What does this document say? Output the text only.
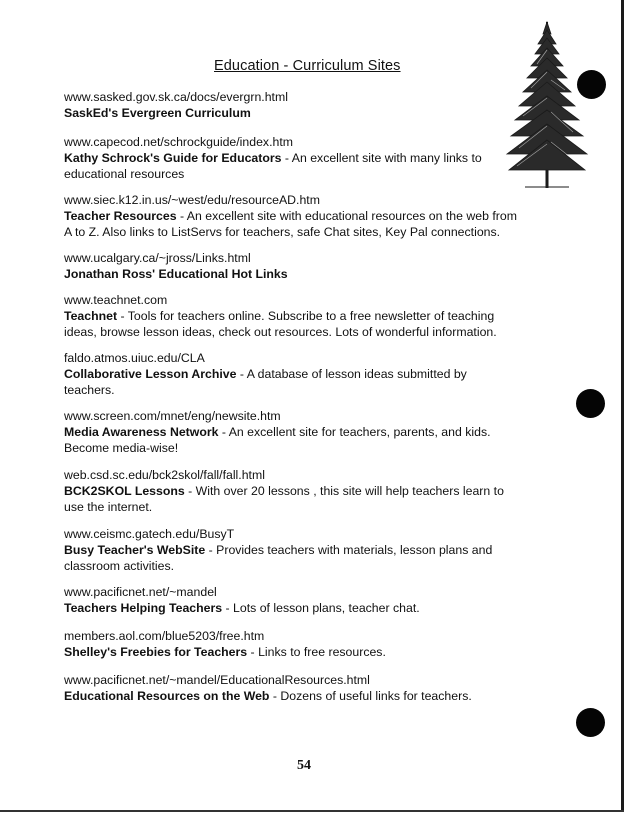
Education - Curriculum Sites
www.sasked.gov.sk.ca/docs/evergrn.html
SaskEd's Evergreen Curriculum
www.capecod.net/schrockguide/index.htm
Kathy Schrock's Guide for Educators - An excellent site with many links to
educational resources
www.siec.k12.in.us/~west/edu/resourceAD.htm
Teacher Resources - An excellent site with educational resources on the web from
A to Z. Also links to ListServs for teachers, safe Chat sites, Key Pal connections.
www.ucalgary.ca/~jross/Links.html
Jonathan Ross' Educational Hot Links
www.teachnet.com
Teachnet - Tools for teachers online. Subscribe to a free newsletter of teaching
ideas, browse lesson ideas, check out resources. Lots of wonderful information.
faldo.atmos.uiuc.edu/CLA
Collaborative Lesson Archive - A database of lesson ideas submitted by
teachers.
www.screen.com/mnet/eng/newsite.htm
Media Awareness Network - An excellent site for teachers, parents, and kids.
Become media-wise!
web.csd.sc.edu/bck2skol/fall/fall.html
BCK2SKOL Lessons - With over 20 lessons , this site will help teachers learn to
use the internet.
www.ceismc.gatech.edu/BusyT
Busy Teacher's WebSite - Provides teachers with materials, lesson plans and
classroom activities.
www.pacificnet.net/~mandel
Teachers Helping Teachers - Lots of lesson plans, teacher chat.
members.aol.com/blue5203/free.htm
Shelley's Freebies for Teachers - Links to free resources.
www.pacificnet.net/~mandel/EducationalResources.html
Educational Resources on the Web - Dozens of useful links for teachers.
54
